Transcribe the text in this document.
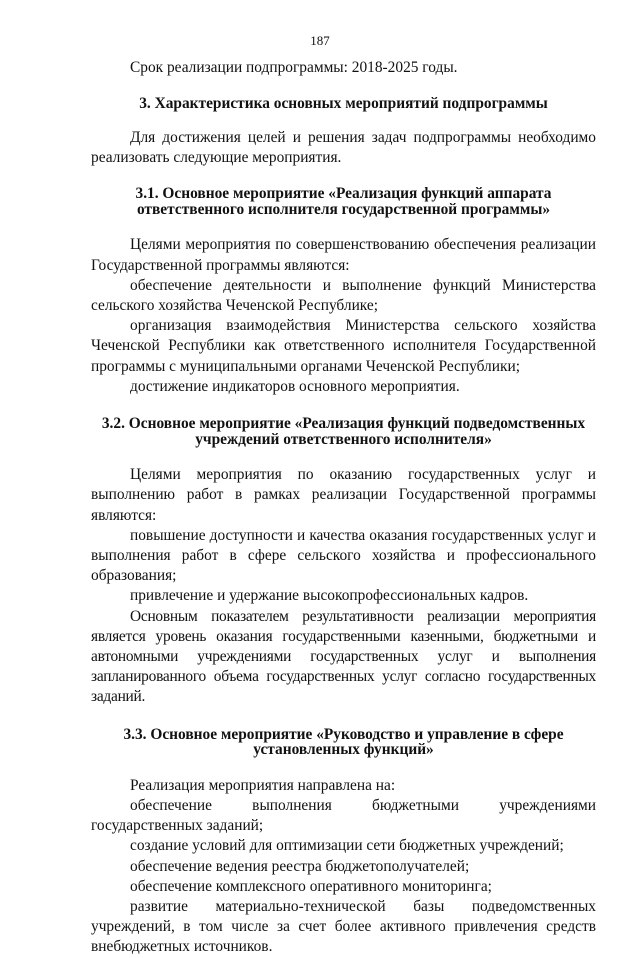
187

Срок реализации подпрограммы: 2018-2025 годы.

3. Характеристика основных мероприятий подпрограммы

Для достижения целей и решения задач подпрограммы необходимо реализовать следующие мероприятия.

3.1. Основное мероприятие «Реализация функций аппарата
ответственного исполнителя государственной программы»

Целями мероприятия по совершенствованию обеспечения реализации Государственной программы являются:

обеспечение деятельности и выполнение функций Министерства сельского хозяйства Чеченской Республике;

организация взаимодействия Министерства сельского хозяйства Чеченской Республики как ответственного исполнителя Государственной программы с муниципальными органами Чеченской Республики;

достижение индикаторов основного мероприятия.

3.2. Основное мероприятие «Реализация функций подведомственных
учреждений ответственного исполнителя»

Целями мероприятия по оказанию государственных услуг и выполнению работ в рамках реализации Государственной программы являются:

повышение доступности и качества оказания государственных услуг и выполнения работ в сфере сельского хозяйства и профессионального образования;

привлечение и удержание высокопрофессиональных кадров.

Основным показателем результативности реализации мероприятия является уровень оказания государственными казенными, бюджетными и автономными учреждениями государственных услуг и выполнения запланированного объема государственных услуг согласно государственных заданий.

3.3. Основное мероприятие «Руководство и управление в сфере
установленных функций»

Реализация мероприятия направлена на:

обеспечение выполнения бюджетными учреждениями государственных заданий;

создание условий для оптимизации сети бюджетных учреждений;

обеспечение ведения реестра бюджетополучателей;

обеспечение комплексного оперативного мониторинга;

развитие материально-технической базы подведомственных учреждений, в том числе за счет более активного привлечения средств внебюджетных источников.
